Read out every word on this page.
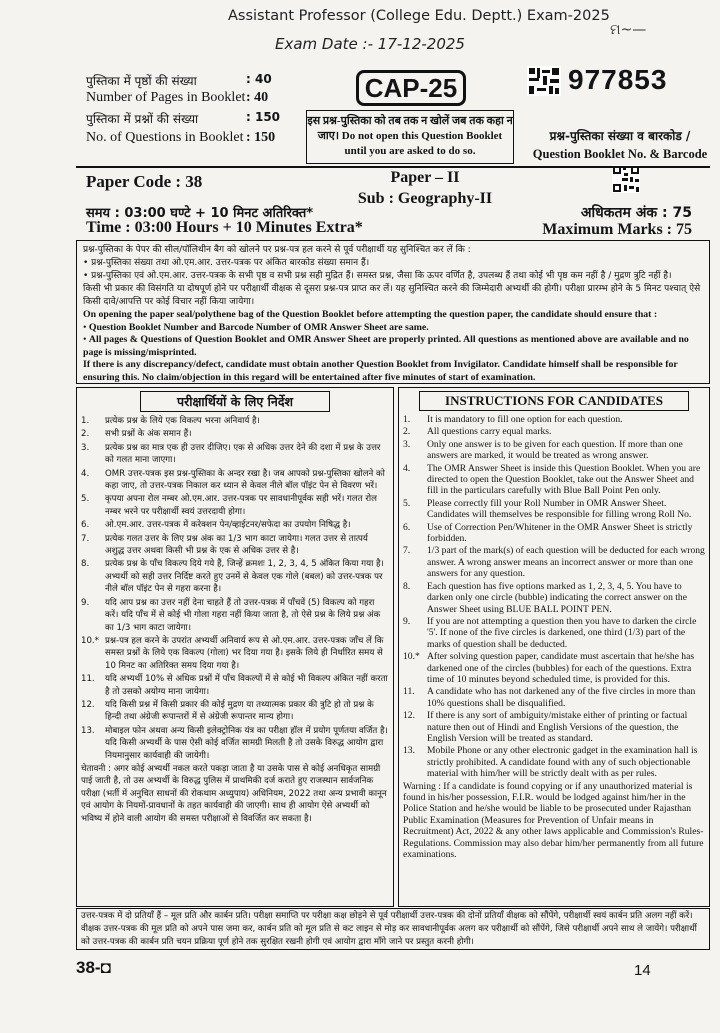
Assistant Professor (College Edu. Deptt.) Exam-2025
Exam Date :- 17-12-2025
ମ~—
पुस्तिका में पृष्ठों की संख्या	: 40
Number of Pages in Booklet : 40
पुस्तिका में प्रश्नों की संख्या	: 150
No. of Questions in Booklet : 150
CAP-25
इस प्रश्न-पुस्तिका को तब तक न खोलें जब तक कहा न जाए। Do not open this Question Booklet until you are asked to do so.
977853
प्रश्न-पुस्तिका संख्या व बारकोड /
Question Booklet No. & Barcode
Paper Code : 38	Paper – II
Sub : Geography-II
समय : 03:00 घण्टे + 10 मिनट अतिरिक्त*
Time : 03:00 Hours + 10 Minutes Extra*
अधिकतम अंक : 75
Maximum Marks : 75
प्रश्न-पुस्तिका के पेपर की सील/पॉलिथीन बैग को खोलने पर प्रश्न-पत्र हल करने से पूर्व परीक्षार्थी यह सुनिश्चित कर लें कि :
• प्रश्न-पुस्तिका संख्या तथा ओ.एम.आर. उत्तर-पत्रक पर अंकित बारकोड संख्या समान हैं।
• प्रश्न-पुस्तिका एवं ओ.एम.आर. उत्तर-पत्रक के सभी पृष्ठ व सभी प्रश्न सही मुद्रित हैं। समस्त प्रश्न, जैसा कि ऊपर वर्णित है, उपलब्ध हैं तथा कोई भी पृष्ठ कम नहीं है / मुद्रण त्रुटि नहीं है।
किसी भी प्रकार की विसंगति या दोषपूर्ण होने पर परीक्षार्थी वीक्षक से दूसरा प्रश्न-पत्र प्राप्त कर लें। यह सुनिश्चित करने की जिम्मेदारी अभ्यर्थी की होगी। परीक्षा प्रारम्भ होने के 5 मिनट पश्चात् ऐसे किसी दावे/आपत्ति पर कोई विचार नहीं किया जायेगा।
On opening the paper seal/polythene bag of the Question Booklet before attempting the question paper, the candidate should ensure that :
• Question Booklet Number and Barcode Number of OMR Answer Sheet are same.
• All pages & Questions of Question Booklet and OMR Answer Sheet are properly printed. All questions as mentioned above are available and no page is missing/misprinted.
If there is any discrepancy/defect, candidate must obtain another Question Booklet from Invigilator. Candidate himself shall be responsible for ensuring this. No claim/objection in this regard will be entertained after five minutes of start of examination.
परीक्षार्थियों के लिए निर्देश
1. प्रत्येक प्रश्न के लिये एक विकल्प भरना अनिवार्य है।
2. सभी प्रश्नों के अंक समान हैं।
3. प्रत्येक प्रश्न का मात्र एक ही उत्तर दीजिए। एक से अधिक उत्तर देने की दशा में प्रश्न के उत्तर को गलत माना जाएगा।
4. OMR उत्तर-पत्रक इस प्रश्न-पुस्तिका के अन्दर रखा है। जब आपको प्रश्न-पुस्तिका खोलने को कहा जाए, तो उत्तर-पत्रक निकाल कर ध्यान से केवल नीले बॉल पॉइंट पेन से विवरण भरें।
5. कृपया अपना रोल नम्बर ओ.एम.आर. उत्तर-पत्रक पर सावधानीपूर्वक सही भरें। गलत रोल नम्बर भरने पर परीक्षार्थी स्वयं उत्तरदायी होगा।
6. ओ.एम.आर. उत्तर-पत्रक में करेक्शन पेन/व्हाईटनर/सफेदा का उपयोग निषिद्ध है।
7. प्रत्येक गलत उत्तर के लिए प्रश्न अंक का 1/3 भाग काटा जायेगा। गलत उत्तर से तात्पर्य अशुद्ध उत्तर अथवा किसी भी प्रश्न के एक से अधिक उत्तर से है।
8. प्रत्येक प्रश्न के पाँच विकल्प दिये गये हैं, जिन्हें क्रमशः 1, 2, 3, 4, 5 अंकित किया गया है। अभ्यर्थी को सही उत्तर निर्दिष्ट करते हुए उनमें से केवल एक गोले (बबल) को उत्तर-पत्रक पर नीले बॉल पॉइंट पेन से गहरा करना है।
9. यदि आप प्रश्न का उत्तर नहीं देना चाहते हैं तो उत्तर-पत्रक में पाँचवें (5) विकल्प को गहरा करें। यदि पाँच में से कोई भी गोला गहरा नहीं किया जाता है, तो ऐसे प्रश्न के लिये प्रश्न अंक का 1/3 भाग काटा जायेगा।
10.* प्रश्न-पत्र हल करने के उपरांत अभ्यर्थी अनिवार्य रूप से ओ.एम.आर. उत्तर-पत्रक जाँच लें कि समस्त प्रश्नों के लिये एक विकल्प (गोला) भर दिया गया है। इसके लिये ही निर्धारित समय से 10 मिनट का अतिरिक्त समय दिया गया है।
11. यदि अभ्यर्थी 10% से अधिक प्रश्नों में पाँच विकल्पों में से कोई भी विकल्प अंकित नहीं करता है तो उसको अयोग्य माना जायेगा।
12. यदि किसी प्रश्न में किसी प्रकार की कोई मुद्रण या तथ्यात्मक प्रकार की त्रुटि हो तो प्रश्न के हिन्दी तथा अंग्रेजी रूपान्तरों में से अंग्रेजी रूपान्तर मान्य होगा।
13. मोबाइल फोन अथवा अन्य किसी इलेक्ट्रोनिक यंत्र का परीक्षा हॉल में प्रयोग पूर्णतया वर्जित है। यदि किसी अभ्यर्थी के पास ऐसी कोई वर्जित सामग्री मिलती है तो उसके विरुद्ध आयोग द्वारा नियमानुसार कार्यवाही की जायेगी।
चेतावनी : अगर कोई अभ्यर्थी नकल करते पकड़ा जाता है या उसके पास से कोई अनधिकृत सामग्री पाई जाती है, तो उस अभ्यर्थी के विरुद्ध पुलिस में प्राथमिकी दर्ज कराते हुए राजस्थान सार्वजनिक परीक्षा (भर्ती में अनुचित साधनों की रोकथाम अध्युपाय) अधिनियम, 2022 तथा अन्य प्रभावी कानून एवं आयोग के नियमों-प्रावधानों के तहत कार्यवाही की जाएगी। साथ ही आयोग ऐसे अभ्यर्थी को भविष्य में होने वाली आयोग की समस्त परीक्षाओं से विवर्जित कर सकता है।
INSTRUCTIONS FOR CANDIDATES
1. It is mandatory to fill one option for each question.
2. All questions carry equal marks.
3. Only one answer is to be given for each question. If more than one answers are marked, it would be treated as wrong answer.
4. The OMR Answer Sheet is inside this Question Booklet. When you are directed to open the Question Booklet, take out the Answer Sheet and fill in the particulars carefully with Blue Ball Point Pen only.
5. Please correctly fill your Roll Number in OMR Answer Sheet. Candidates will themselves be responsible for filling wrong Roll No.
6. Use of Correction Pen/Whitener in the OMR Answer Sheet is strictly forbidden.
7. 1/3 part of the mark(s) of each question will be deducted for each wrong answer. A wrong answer means an incorrect answer or more than one answers for any question.
8. Each question has five options marked as 1, 2, 3, 4, 5. You have to darken only one circle (bubble) indicating the correct answer on the Answer Sheet using BLUE BALL POINT PEN.
9. If you are not attempting a question then you have to darken the circle '5'. If none of the five circles is darkened, one third (1/3) part of the marks of question shall be deducted.
10.* After solving question paper, candidate must ascertain that he/she has darkened one of the circles (bubbles) for each of the questions. Extra time of 10 minutes beyond scheduled time, is provided for this.
11. A candidate who has not darkened any of the five circles in more than 10% questions shall be disqualified.
12. If there is any sort of ambiguity/mistake either of printing or factual nature then out of Hindi and English Versions of the question, the English Version will be treated as standard.
13. Mobile Phone or any other electronic gadget in the examination hall is strictly prohibited. A candidate found with any of such objectionable material with him/her will be strictly dealt with as per rules.
Warning : If a candidate is found copying or if any unauthorized material is found in his/her possession, F.I.R. would be lodged against him/her in the Police Station and he/she would be liable to be prosecuted under Rajasthan Public Examination (Measures for Prevention of Unfair means in Recruitment) Act, 2022 & any other laws applicable and Commission's Rules-Regulations. Commission may also debar him/her permanently from all future examinations.
उत्तर-पत्रक में दो प्रतियाँ हैं – मूल प्रति और कार्बन प्रति। परीक्षा समाप्ति पर परीक्षा कक्ष छोड़ने से पूर्व परीक्षार्थी उत्तर-पत्रक की दोनों प्रतियाँ वीक्षक को सौंपेंगे, परीक्षार्थी स्वयं कार्बन प्रति अलग नहीं करें। वीक्षक उत्तर-पत्रक की मूल प्रति को अपने पास जमा कर, कार्बन प्रति को मूल प्रति से कट लाइन से मोड़ कर सावधानीपूर्वक अलग कर परीक्षार्थी को सौंपेंगे, जिसे परीक्षार्थी अपने साथ ले जायेंगे। परीक्षार्थी को उत्तर-पत्रक की कार्बन प्रति चयन प्रक्रिया पूर्ण होने तक सुरक्षित रखनी होगी एवं आयोग द्वारा माँगे जाने पर प्रस्तुत करनी होगी।
38-◘	14
